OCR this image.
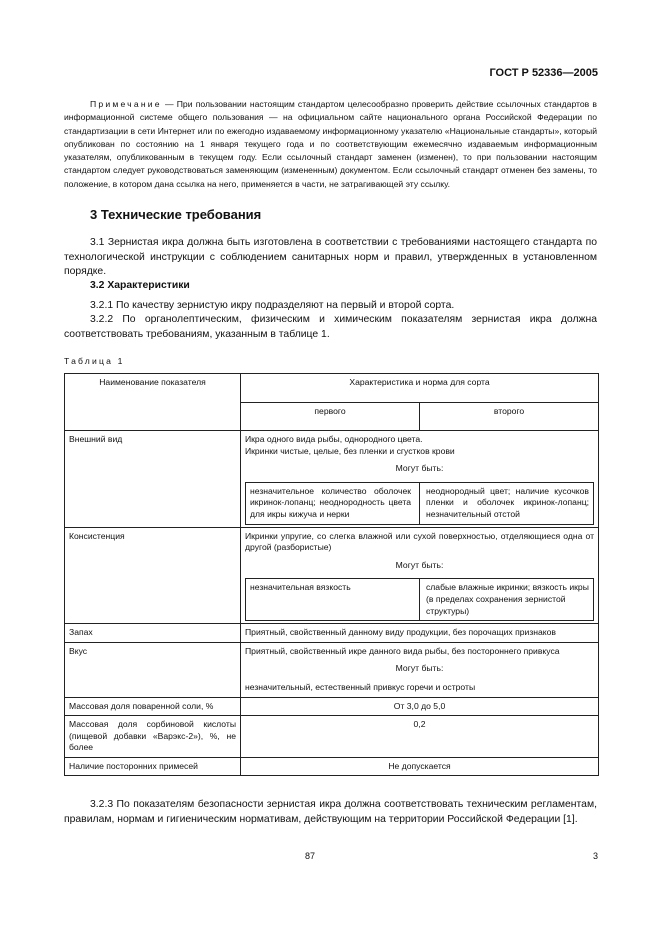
ГОСТ Р 52336—2005
Примечание — При пользовании настоящим стандартом целесообразно проверить действие ссылочных стандартов в информационной системе общего пользования — на официальном сайте национального органа Российской Федерации по стандартизации в сети Интернет или по ежегодно издаваемому информационному указателю «Национальные стандарты», который опубликован по состоянию на 1 января текущего года и по соответствующим ежемесячно издаваемым информационным указателям, опубликованным в текущем году. Если ссылочный стандарт заменен (изменен), то при пользовании настоящим стандартом следует руководствоваться заменяющим (измененным) документом. Если ссылочный стандарт отменен без замены, то положение, в котором дана ссылка на него, применяется в части, не затрагивающей эту ссылку.
3 Технические требования
3.1 Зернистая икра должна быть изготовлена в соответствии с требованиями настоящего стандарта по технологической инструкции с соблюдением санитарных норм и правил, утвержденных в установленном порядке.
3.2 Характеристики
3.2.1 По качеству зернистую икру подразделяют на первый и второй сорта.
3.2.2 По органолептическим, физическим и химическим показателям зернистая икра должна соответствовать требованиям, указанным в таблице 1.
Таблица 1
Наименование показателя	Характеристика и норма для сорта
первого	второго
Внешний вид	Икра одного вида рыбы, однородного цвета.
Икринки чистые, целые, без пленки и сгустков крови
Могут быть:
незначительное количество оболочек икринок-лопанц; неоднородность цвета для икры кижуча и нерки	неоднородный цвет; наличие кусочков пленки и оболочек икринок-лопанц; незначительный отстой

Консистенция	Икринки упругие, со слегка влажной или сухой поверхностью, отделяющиеся одна от другой (разбористые)
Могут быть:
незначительная вязкость	слабые влажные икринки; вязкость икры (в пределах сохранения зернистой структуры)

Запах	Приятный, свойственный данному виду продукции, без порочащих признаков
Вкус	Приятный, свойственный икре данного вида рыбы, без постороннего привкуса
Могут быть:
незначительный, естественный привкус горечи и остроты

Массовая доля поваренной соли, %	От 3,0 до 5,0
Массовая доля сорбиновой кислоты (пищевой добавки «Варэкс-2»), %, не более	0,2
Наличие посторонних примесей	Не допускается
3.2.3 По показателям безопасности зернистая икра должна соответствовать техническим регламентам, правилам, нормам и гигиеническим нормативам, действующим на территории Российской Федерации [1].
87	3
